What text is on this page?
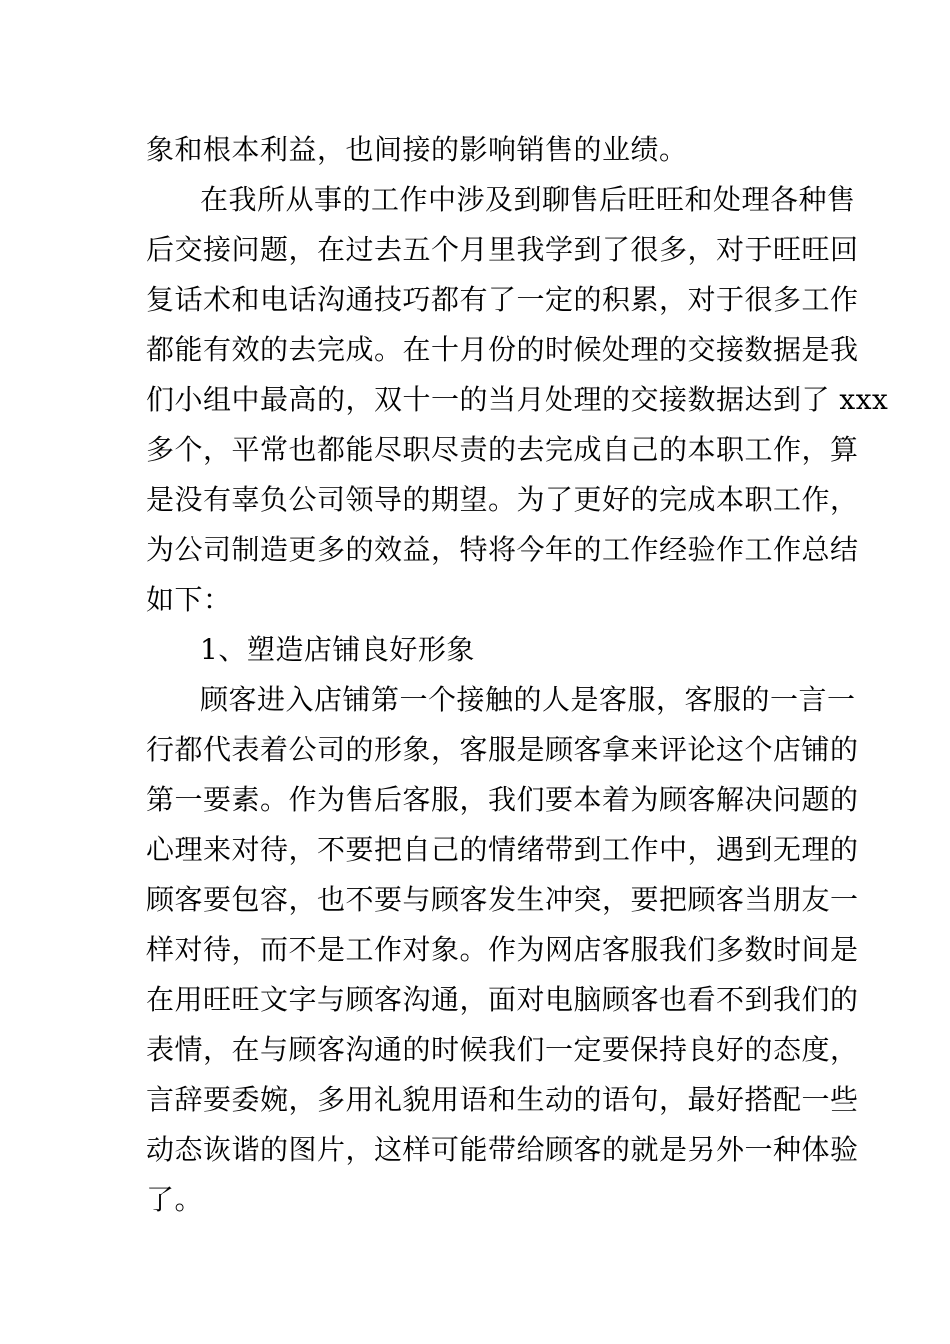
象和根本利益，也间接的影响销售的业绩。
在我所从事的工作中涉及到聊售后旺旺和处理各种售
后交接问题，在过去五个月里我学到了很多，对于旺旺回
复话术和电话沟通技巧都有了一定的积累，对于很多工作
都能有效的去完成。在十月份的时候处理的交接数据是我
们小组中最高的，双十一的当月处理的交接数据达到了 xxx
多个，平常也都能尽职尽责的去完成自己的本职工作，算
是没有辜负公司领导的期望。为了更好的完成本职工作，
为公司制造更多的效益，特将今年的工作经验作工作总结
如下：
1、塑造店铺良好形象
顾客进入店铺第一个接触的人是客服，客服的一言一
行都代表着公司的形象，客服是顾客拿来评论这个店铺的
第一要素。作为售后客服，我们要本着为顾客解决问题的
心理来对待，不要把自己的情绪带到工作中，遇到无理的
顾客要包容，也不要与顾客发生冲突，要把顾客当朋友一
样对待，而不是工作对象。作为网店客服我们多数时间是
在用旺旺文字与顾客沟通，面对电脑顾客也看不到我们的
表情，在与顾客沟通的时候我们一定要保持良好的态度，
言辞要委婉，多用礼貌用语和生动的语句，最好搭配一些
动态诙谐的图片，这样可能带给顾客的就是另外一种体验
了。
